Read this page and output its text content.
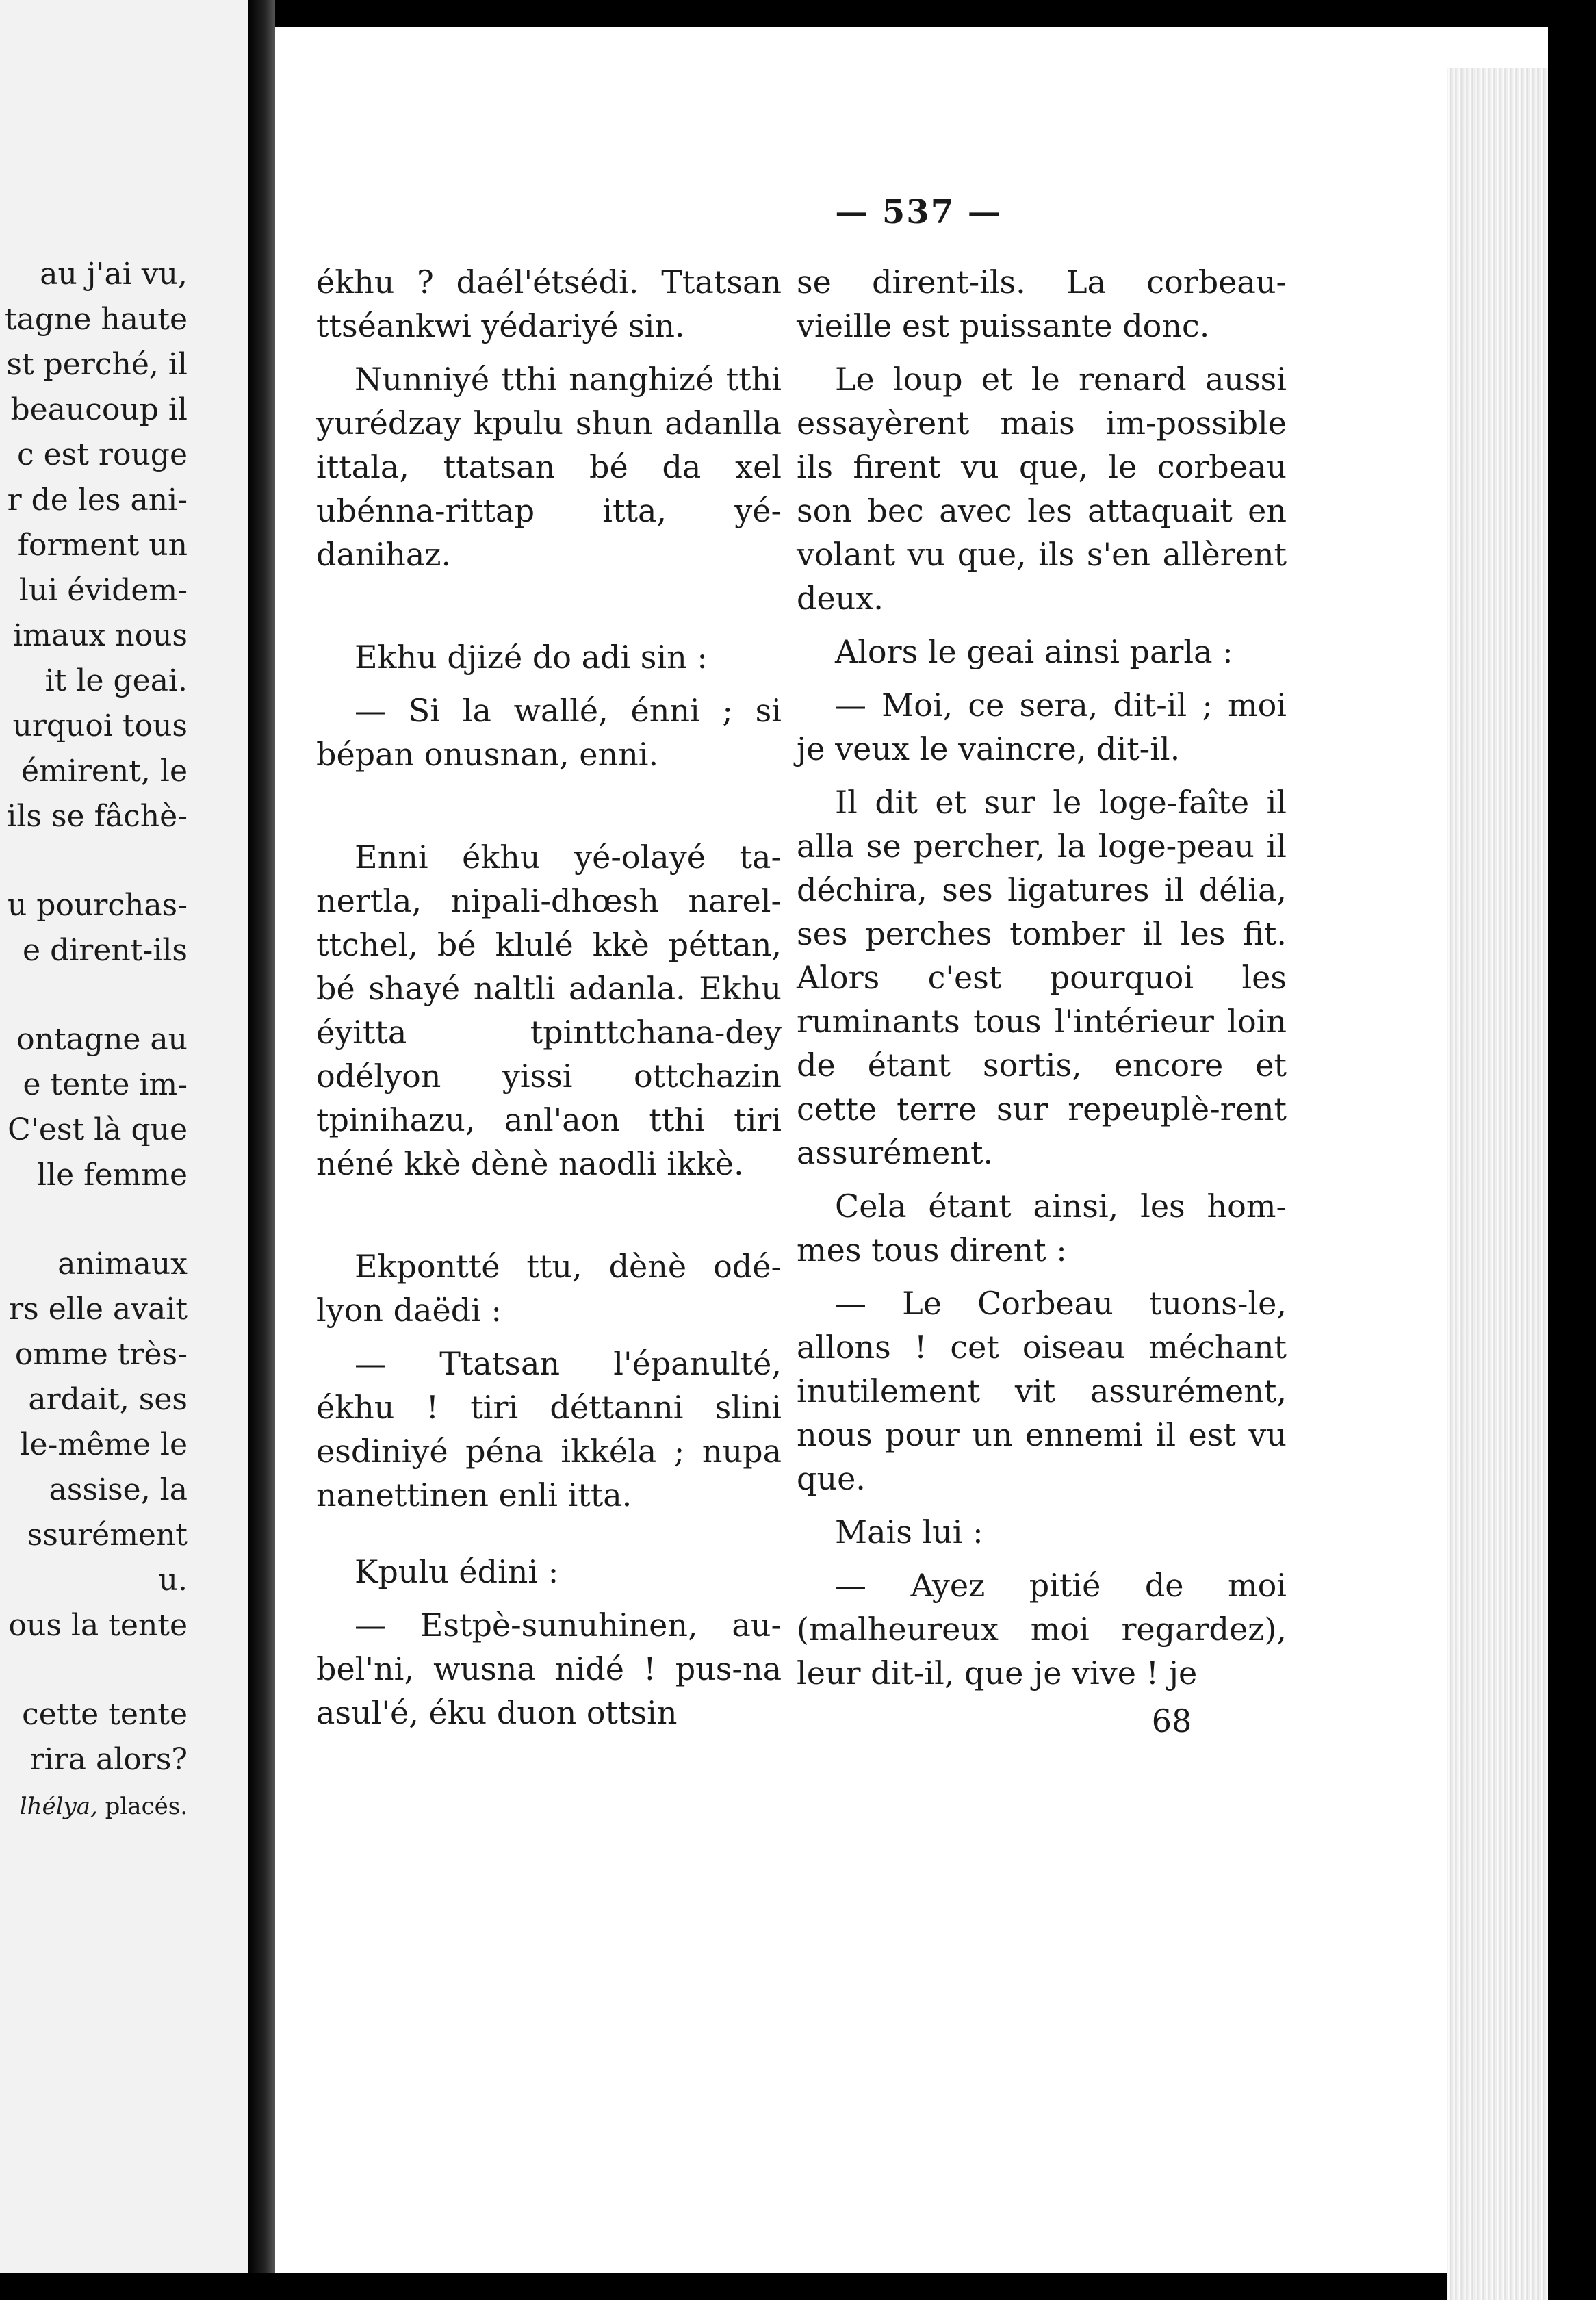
au j'ai vu,
tagne haute
st perché, il
beaucoup il
c est rouge
r de les ani-
forment un
lui évidem-
imaux nous
it le geai.
urquoi tous
émirent, le
ils se fâchè-
u pourchas-
e dirent-ils
ontagne au
e tente im-
C'est là que
lle femme
animaux
rs elle avait
omme très-
ardait, ses
le-même le
assise, la
ssurément
u.
ous la tente
cette tente
rira alors?
lhélya, placés.
— 537 —

ékhu ? daél'étsédi. Ttatsan ttséankwi yédariyé sin.

Nunniyé tthi nanghizé tthi yurédzay kpulu shun adanlla ittala, ttatsan bé da xel ubénna-rittap itta, yé-danihaz.

Ekhu djizé do adi sin :

— Si la wallé, énni ; si bépan onusnan, enni.

Enni ékhu yé-olayé ta-nertla, nipali-dhœsh narel-ttchel, bé klulé kkè péttan, bé shayé naltli adanla. Ekhu éyitta tpinttchana-dey odélyon yissi ottchazin tpinihazu, anl'aon tthi tiri néné kkè dènè naodli ikkè.

Ekpontté ttu, dènè odé-lyon daëdi :

— Ttatsan l'épanulté, ékhu ! tiri déttanni slini esdiniyé péna ikkéla ; nupa nanettinen enli itta.

Kpulu édini :

— Estpè-sunuhinen, au-bel'ni, wusna nidé ! pus-na asul'é, éku duon ottsin

se dirent-ils. La corbeau-vieille est puissante donc.

Le loup et le renard aussi essayèrent mais im-possible ils firent vu que, le corbeau son bec avec les attaquait en volant vu que, ils s'en allèrent deux.

Alors le geai ainsi parla :

— Moi, ce sera, dit-il ; moi je veux le vaincre, dit-il.

Il dit et sur le loge-faîte il alla se percher, la loge-peau il déchira, ses ligatures il délia, ses perches tomber il les fit. Alors c'est pourquoi les ruminants tous l'intérieur loin de étant sortis, encore et cette terre sur repeuplè-rent assurément.

Cela étant ainsi, les hom-mes tous dirent :

— Le Corbeau tuons-le, allons ! cet oiseau méchant inutilement vit assurément, nous pour un ennemi il est vu que.

Mais lui :

— Ayez pitié de moi (malheureux moi regardez), leur dit-il, que je vive ! je

68
